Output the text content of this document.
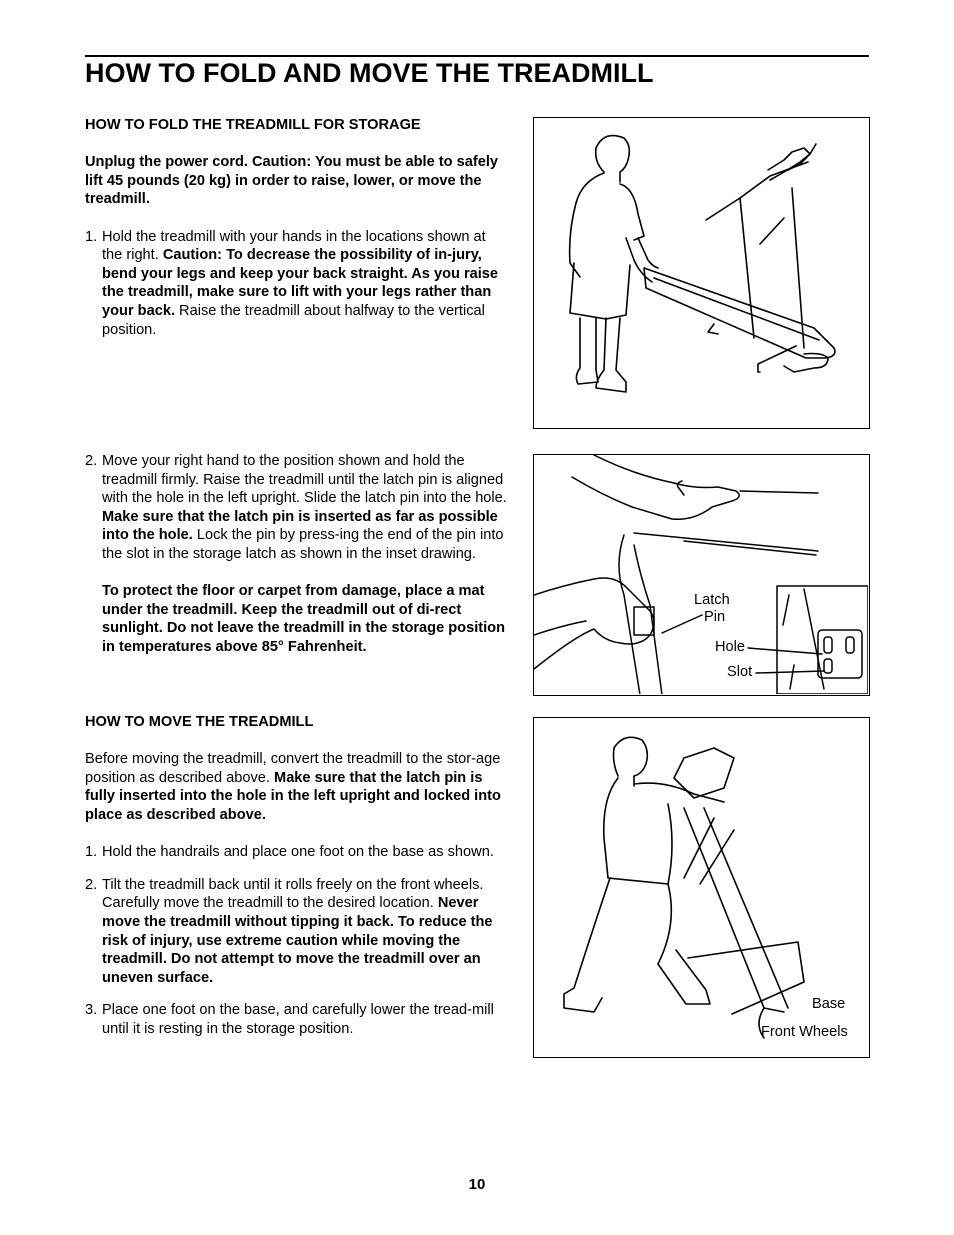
HOW TO FOLD AND MOVE THE TREADMILL

HOW TO FOLD THE TREADMILL FOR STORAGE

Unplug the power cord. Caution: You must be able to safely lift 45 pounds (20 kg) in order to raise, lower, or move the treadmill.

1. Hold the treadmill with your hands in the locations shown at the right. Caution: To decrease the possibility of in-jury, bend your legs and keep your back straight. As you raise the treadmill, make sure to lift with your legs rather than your back. Raise the treadmill about halfway to the vertical position.

2. Move your right hand to the position shown and hold the treadmill firmly. Raise the treadmill until the latch pin is aligned with the hole in the left upright. Slide the latch pin into the hole. Make sure that the latch pin is inserted as far as possible into the hole. Lock the pin by press-ing the end of the pin into the slot in the storage latch as shown in the inset drawing.

To protect the floor or carpet from damage, place a mat under the treadmill. Keep the treadmill out of di-rect sunlight. Do not leave the treadmill in the storage position in temperatures above 85° Fahrenheit.

HOW TO MOVE THE TREADMILL

Before moving the treadmill, convert the treadmill to the stor-age position as described above. Make sure that the latch pin is fully inserted into the hole in the left upright and locked into place as described above.

1. Hold the handrails and place one foot on the base as shown.

2. Tilt the treadmill back until it rolls freely on the front wheels. Carefully move the treadmill to the desired location. Never move the treadmill without tipping it back. To reduce the risk of injury, use extreme caution while moving the treadmill. Do not attempt to move the treadmill over an uneven surface.

3. Place one foot on the base, and carefully lower the tread-mill until it is resting in the storage position.

Latch
Pin
Hole
Slot
Base
Front Wheels
10
